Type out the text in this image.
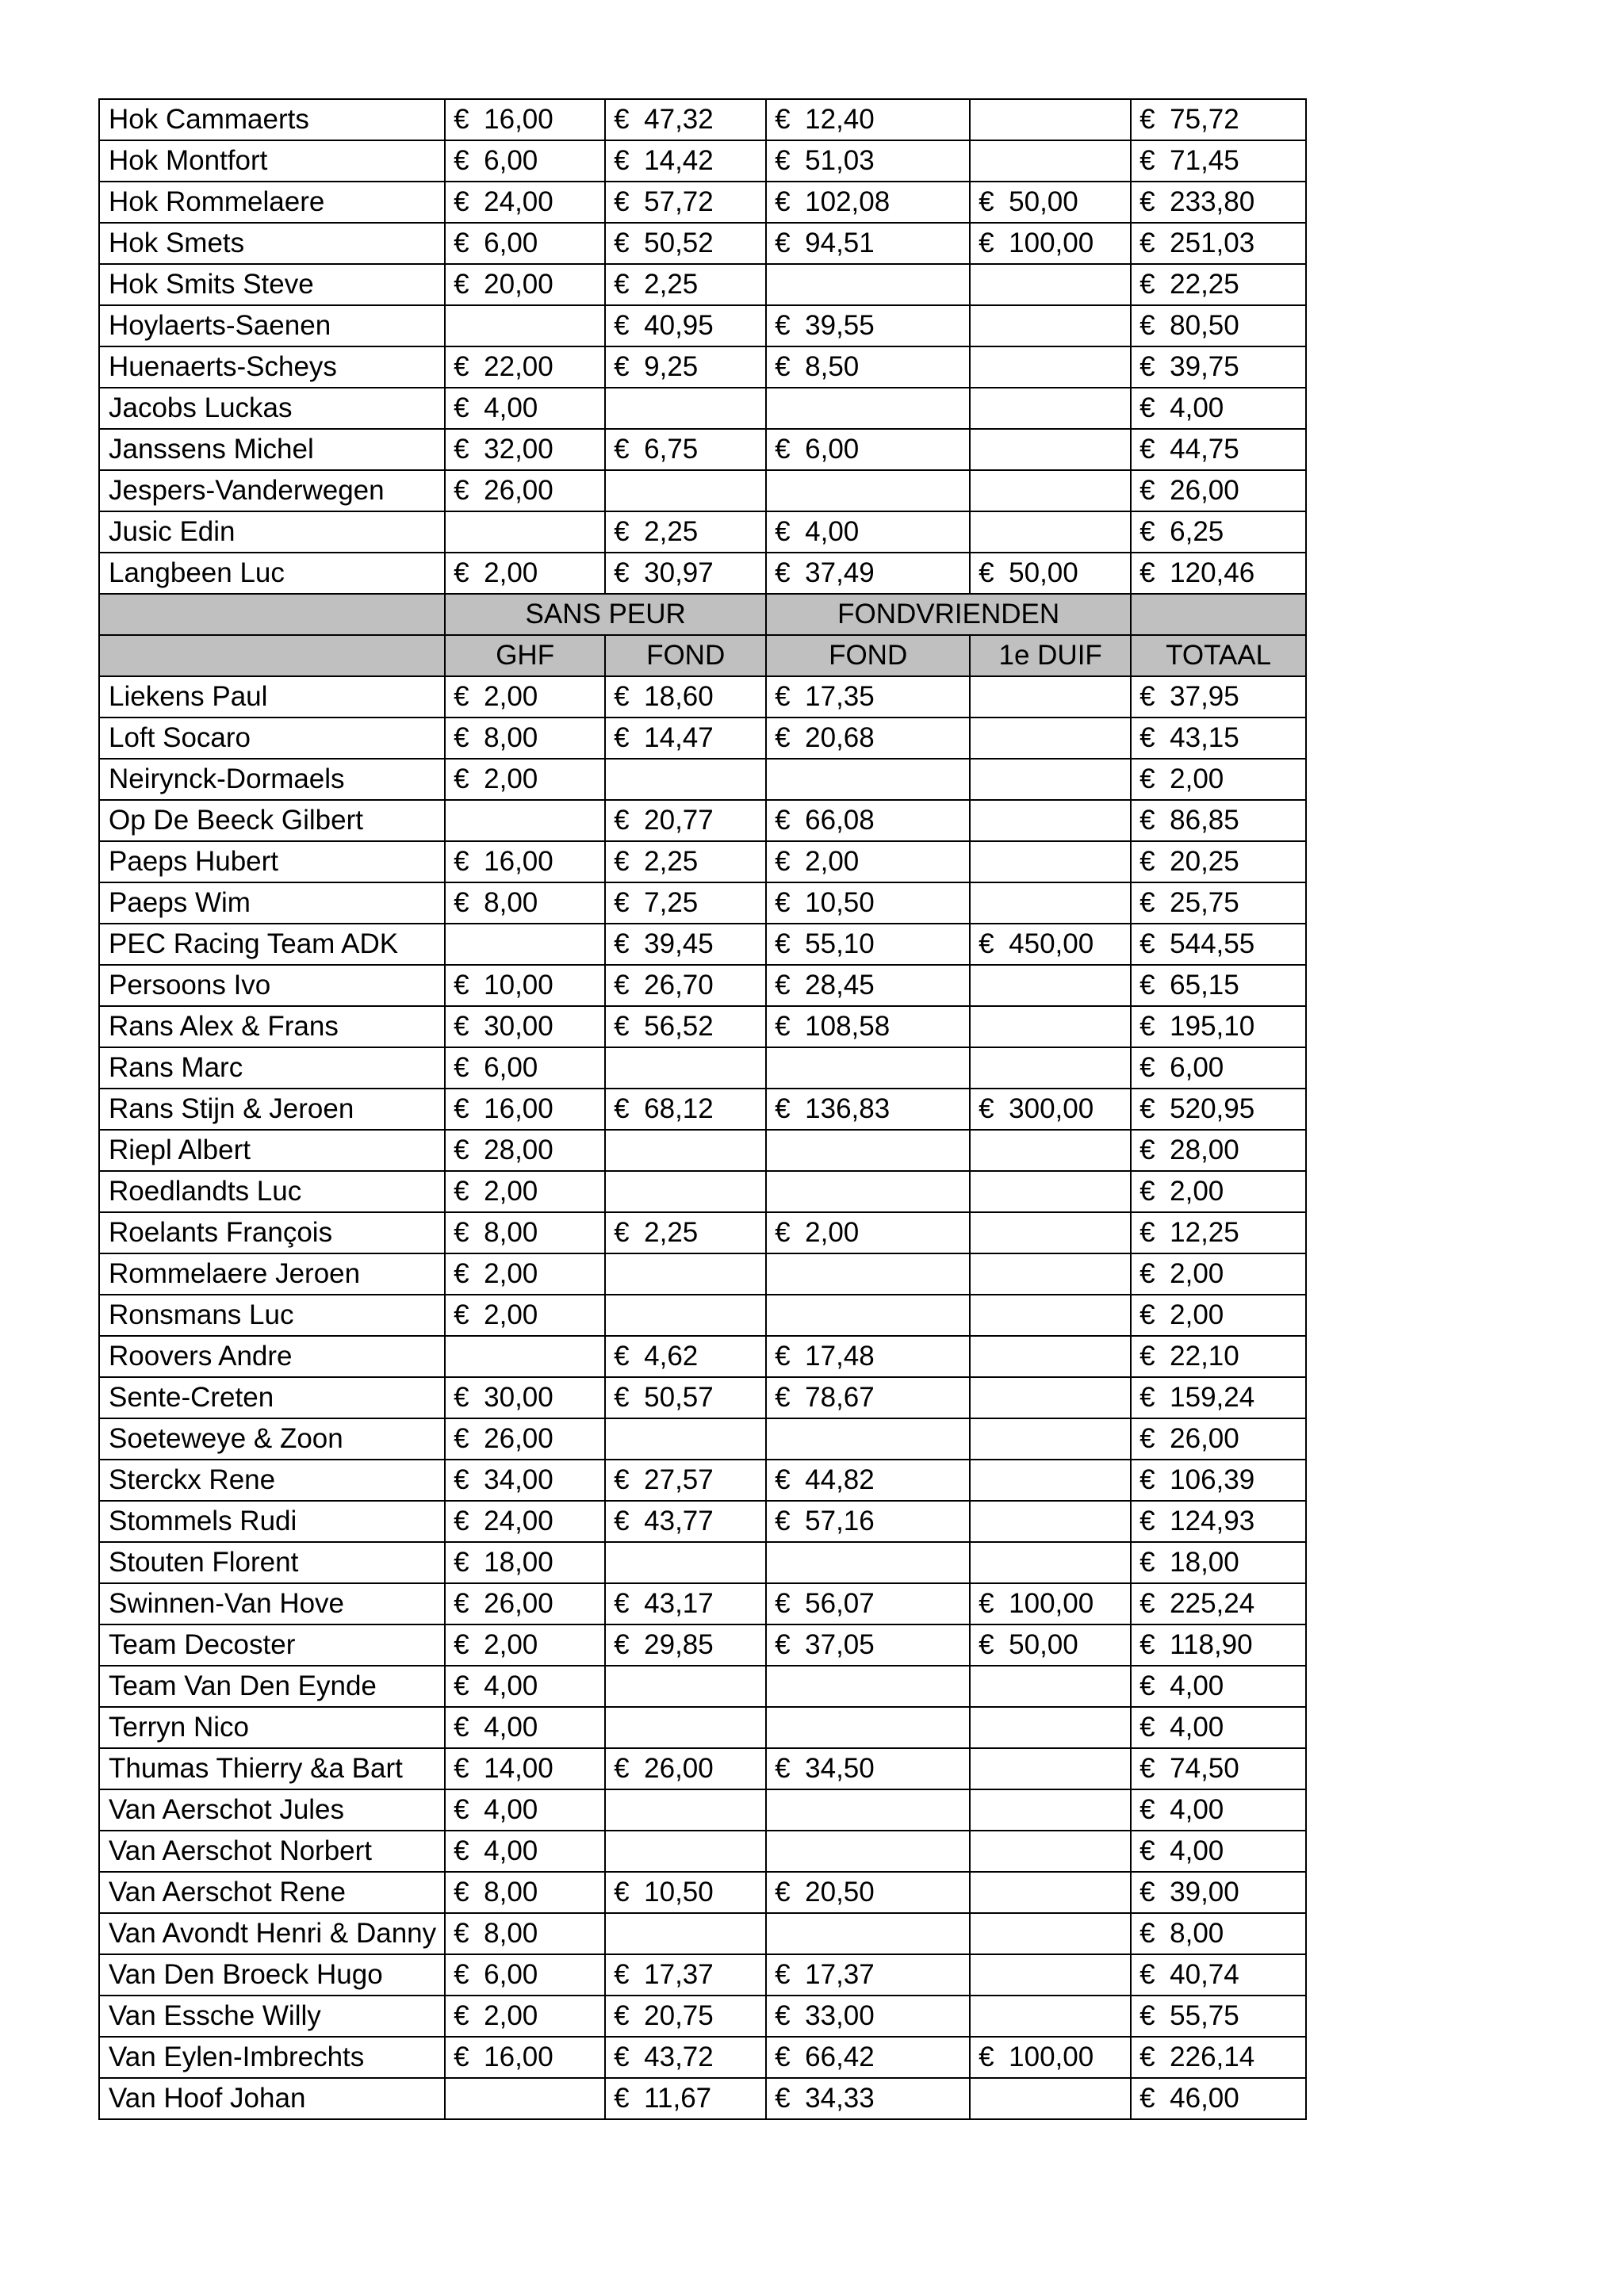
Hok Cammaerts	€ 16,00	€ 47,32	€ 12,40		€ 75,72
Hok Montfort	€ 6,00	€ 14,42	€ 51,03		€ 71,45
Hok Rommelaere	€ 24,00	€ 57,72	€ 102,08	€ 50,00	€ 233,80
Hok Smets	€ 6,00	€ 50,52	€ 94,51	€ 100,00	€ 251,03
Hok Smits Steve	€ 20,00	€ 2,25			€ 22,25
Hoylaerts-Saenen		€ 40,95	€ 39,55		€ 80,50
Huenaerts-Scheys	€ 22,00	€ 9,25	€ 8,50		€ 39,75
Jacobs Luckas	€ 4,00				€ 4,00
Janssens Michel	€ 32,00	€ 6,75	€ 6,00		€ 44,75
Jespers-Vanderwegen	€ 26,00				€ 26,00
Jusic Edin		€ 2,25	€ 4,00		€ 6,25
Langbeen Luc	€ 2,00	€ 30,97	€ 37,49	€ 50,00	€ 120,46
	SANS PEUR		FONDVRIENDEN		
	GHF	FOND	FOND	1e DUIF	TOTAAL
Liekens Paul	€ 2,00	€ 18,60	€ 17,35		€ 37,95
Loft Socaro	€ 8,00	€ 14,47	€ 20,68		€ 43,15
Neirynck-Dormaels	€ 2,00				€ 2,00
Op De Beeck Gilbert		€ 20,77	€ 66,08		€ 86,85
Paeps Hubert	€ 16,00	€ 2,25	€ 2,00		€ 20,25
Paeps Wim	€ 8,00	€ 7,25	€ 10,50		€ 25,75
PEC Racing Team ADK		€ 39,45	€ 55,10	€ 450,00	€ 544,55
Persoons Ivo	€ 10,00	€ 26,70	€ 28,45		€ 65,15
Rans Alex & Frans	€ 30,00	€ 56,52	€ 108,58		€ 195,10
Rans Marc	€ 6,00				€ 6,00
Rans Stijn & Jeroen	€ 16,00	€ 68,12	€ 136,83	€ 300,00	€ 520,95
Riepl Albert	€ 28,00				€ 28,00
Roedlandts Luc	€ 2,00				€ 2,00
Roelants François	€ 8,00	€ 2,25	€ 2,00		€ 12,25
Rommelaere Jeroen	€ 2,00				€ 2,00
Ronsmans Luc	€ 2,00				€ 2,00
Roovers Andre		€ 4,62	€ 17,48		€ 22,10
Sente-Creten	€ 30,00	€ 50,57	€ 78,67		€ 159,24
Soeteweye & Zoon	€ 26,00				€ 26,00
Sterckx Rene	€ 34,00	€ 27,57	€ 44,82		€ 106,39
Stommels Rudi	€ 24,00	€ 43,77	€ 57,16		€ 124,93
Stouten Florent	€ 18,00				€ 18,00
Swinnen-Van Hove	€ 26,00	€ 43,17	€ 56,07	€ 100,00	€ 225,24
Team Decoster	€ 2,00	€ 29,85	€ 37,05	€ 50,00	€ 118,90
Team Van Den Eynde	€ 4,00				€ 4,00
Terryn Nico	€ 4,00				€ 4,00
Thumas Thierry &a Bart	€ 14,00	€ 26,00	€ 34,50		€ 74,50
Van Aerschot Jules	€ 4,00				€ 4,00
Van Aerschot Norbert	€ 4,00				€ 4,00
Van Aerschot Rene	€ 8,00	€ 10,50	€ 20,50		€ 39,00
Van Avondt Henri & Danny	€ 8,00				€ 8,00
Van Den Broeck Hugo	€ 6,00	€ 17,37	€ 17,37		€ 40,74
Van Essche Willy	€ 2,00	€ 20,75	€ 33,00		€ 55,75
Van Eylen-Imbrechts	€ 16,00	€ 43,72	€ 66,42	€ 100,00	€ 226,14
Van Hoof Johan		€ 11,67	€ 34,33		€ 46,00
